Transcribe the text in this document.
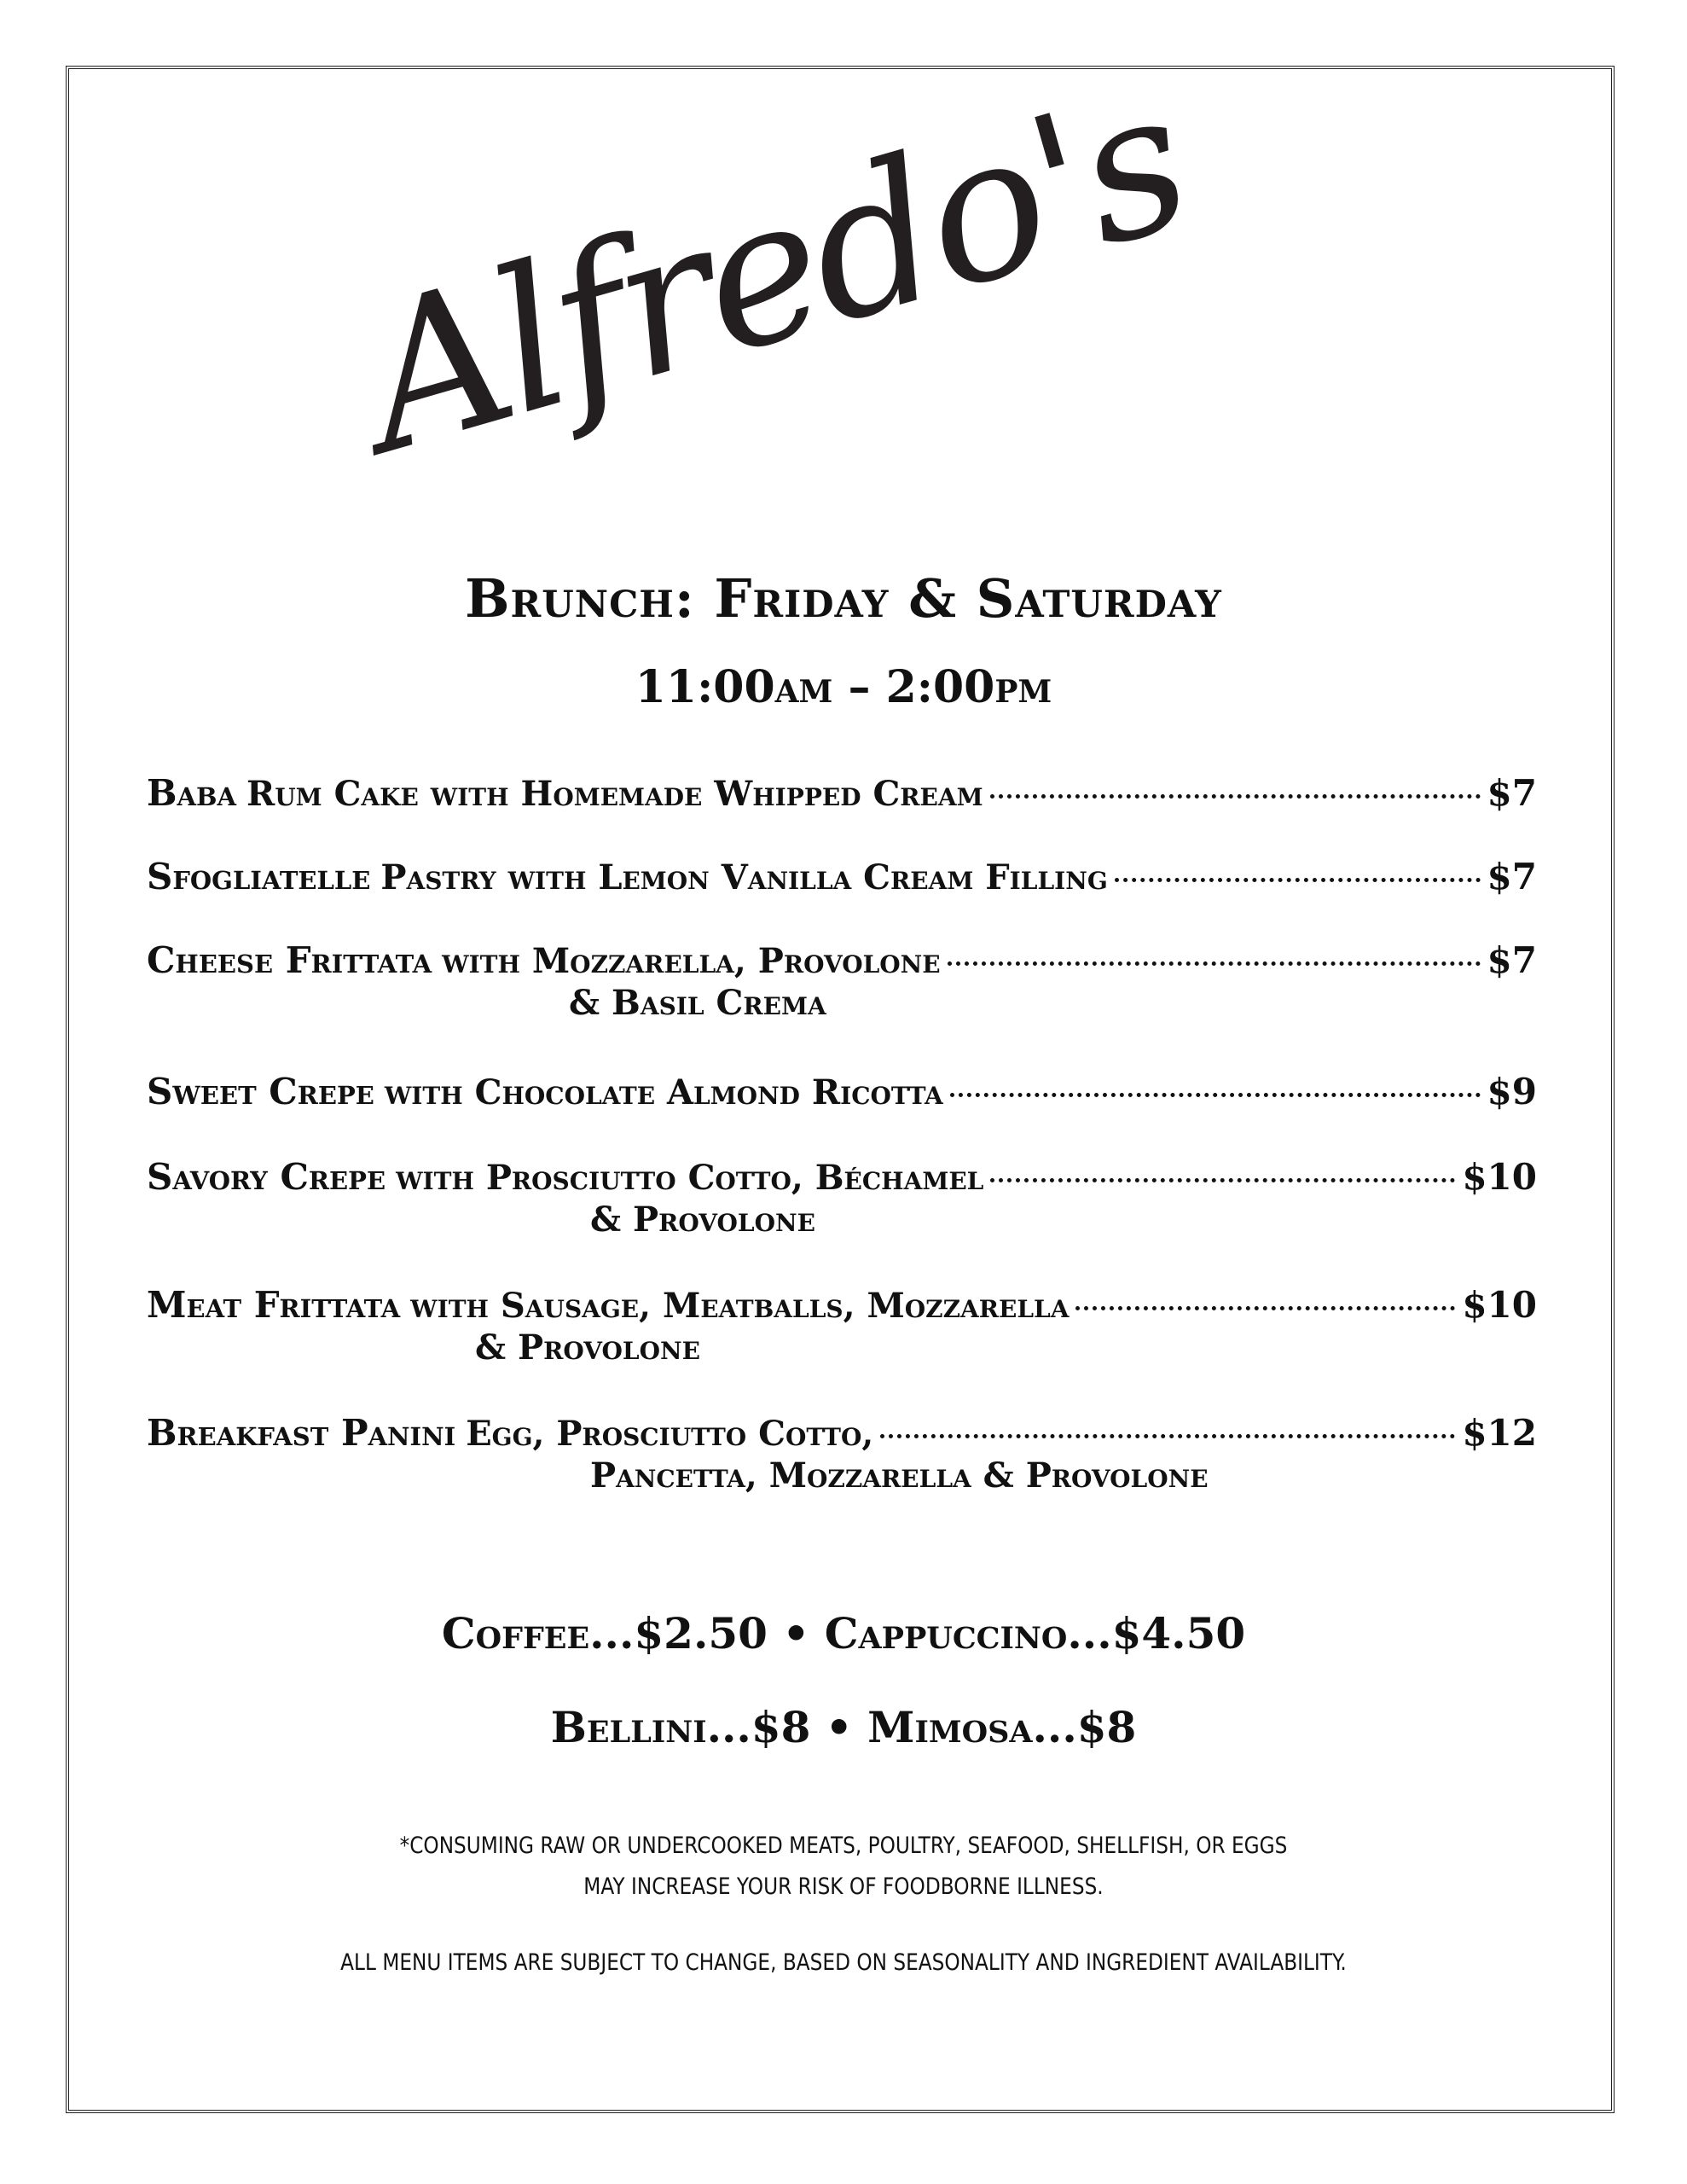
Alfredo's
Brunch: Friday & Saturday
11:00am – 2:00pm
Baba Rum Cake with Homemade Whipped Cream	$7
Sfogliatelle Pastry with Lemon Vanilla Cream Filling	$7
Cheese Frittata with Mozzarella, Provolone	$7
& Basil Crema
Sweet Crepe with Chocolate Almond Ricotta	$9
Savory Crepe with Prosciutto Cotto, Béchamel	$10
& Provolone
Meat Frittata with Sausage, Meatballs, Mozzarella	$10
& Provolone
Breakfast Panini Egg, Prosciutto Cotto,	$12
Pancetta, Mozzarella & Provolone
Coffee...$2.50 • Cappuccino...$4.50
Bellini...$8 • Mimosa...$8
*CONSUMING RAW OR UNDERCOOKED MEATS, POULTRY, SEAFOOD, SHELLFISH, OR EGGS
MAY INCREASE YOUR RISK OF FOODBORNE ILLNESS.
ALL MENU ITEMS ARE SUBJECT TO CHANGE, BASED ON SEASONALITY AND INGREDIENT AVAILABILITY.
